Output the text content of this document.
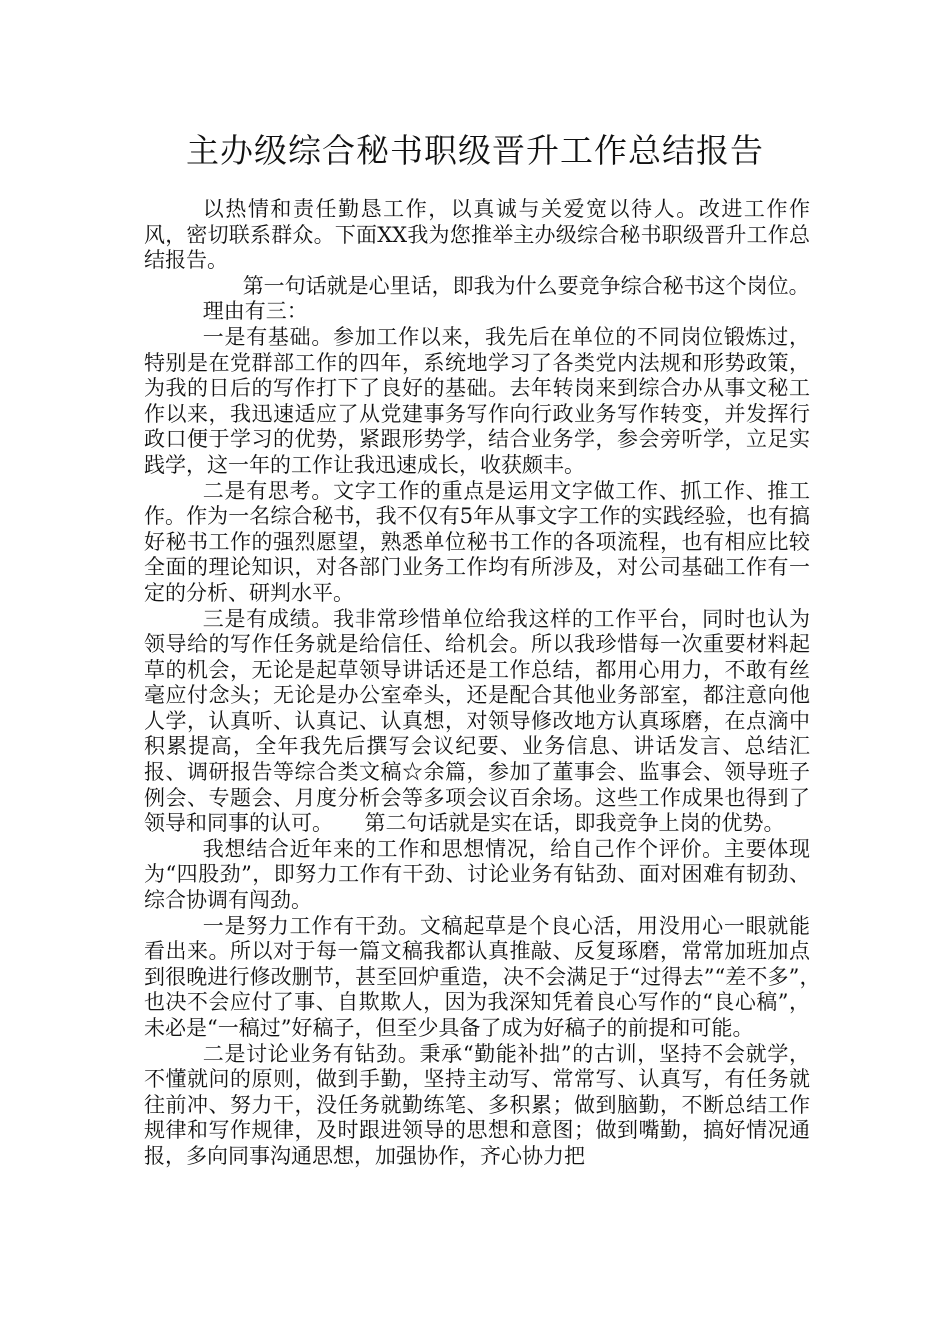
主办级综合秘书职级晋升工作总结报告

以热情和责任勤恳工作，以真诚与关爱宽以待人。改进工作作风，密切联系群众。下面XX我为您推举主办级综合秘书职级晋升工作总结报告。

第一句话就是心里话，即我为什么要竞争综合秘书这个岗位。

理由有三：

一是有基础。参加工作以来，我先后在单位的不同岗位锻炼过，特别是在党群部工作的四年，系统地学习了各类党内法规和形势政策，为我的日后的写作打下了良好的基础。去年转岗来到综合办从事文秘工作以来，我迅速适应了从党建事务写作向行政业务写作转变，并发挥行政口便于学习的优势，紧跟形势学，结合业务学，参会旁听学，立足实践学，这一年的工作让我迅速成长，收获颇丰。

二是有思考。文字工作的重点是运用文字做工作、抓工作、推工作。作为一名综合秘书，我不仅有5年从事文字工作的实践经验，也有搞好秘书工作的强烈愿望，熟悉单位秘书工作的各项流程，也有相应比较全面的理论知识，对各部门业务工作均有所涉及，对公司基础工作有一定的分析、研判水平。

三是有成绩。我非常珍惜单位给我这样的工作平台，同时也认为领导给的写作任务就是给信任、给机会。所以我珍惜每一次重要材料起草的机会，无论是起草领导讲话还是工作总结，都用心用力，不敢有丝毫应付念头；无论是办公室牵头，还是配合其他业务部室，都注意向他人学，认真听、认真记、认真想，对领导修改地方认真琢磨，在点滴中积累提高，全年我先后撰写会议纪要、业务信息、讲话发言、总结汇报、调研报告等综合类文稿☆余篇，参加了董事会、监事会、领导班子例会、专题会、月度分析会等多项会议百余场。这些工作成果也得到了领导和同事的认可。　　第二句话就是实在话，即我竞争上岗的优势。

我想结合近年来的工作和思想情况，给自己作个评价。主要体现为“四股劲”，即努力工作有干劲、讨论业务有钻劲、面对困难有韧劲、综合协调有闯劲。

一是努力工作有干劲。文稿起草是个良心活，用没用心一眼就能看出来。所以对于每一篇文稿我都认真推敲、反复琢磨，常常加班加点到很晚进行修改删节，甚至回炉重造，决不会满足于“过得去”“差不多”，　也决不会应付了事、自欺欺人，因为我深知凭着良心写作的“良心稿”，未必是“一稿过”好稿子，但至少具备了成为好稿子的前提和可能。

二是讨论业务有钻劲。秉承“勤能补拙”的古训，坚持不会就学，不懂就问的原则，做到手勤，坚持主动写、常常写、认真写，有任务就往前冲、努力干，没任务就勤练笔、多积累；做到脑勤，不断总结工作规律和写作规律，及时跟进领导的思想和意图；做到嘴勤，搞好情况通报，多向同事沟通思想，加强协作，齐心协力把
